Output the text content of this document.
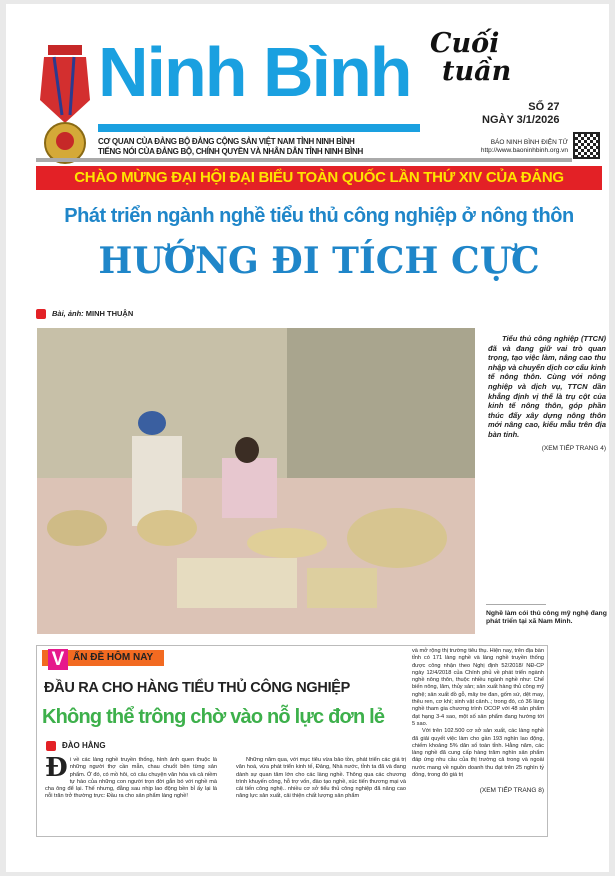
Ninh Bình
CƠ QUAN CỦA ĐẢNG BỘ ĐẢNG CỘNG SẢN VIỆT NAM TỈNH NINH BÌNH
TIẾNG NÓI CỦA ĐẢNG BỘ, CHÍNH QUYỀN VÀ NHÂN DÂN TỈNH NINH BÌNH
Cuối
tuần
SỐ 27
NGÀY 3/1/2026
BÁO NINH BÌNH ĐIỆN TỬ
http://www.baoninhbinh.org.vn
CHÀO MỪNG ĐẠI HỘI ĐẠI BIỂU TOÀN QUỐC LẦN THỨ XIV CỦA ĐẢNG
Phát triển ngành nghề tiểu thủ công nghiệp ở nông thôn
HƯỚNG ĐI TÍCH CỰC
Bài, ảnh: MINH THUẬN
Tiểu thủ công nghiệp (TTCN) đã và đang giữ vai trò quan trọng, tạo việc làm, nâng cao thu nhập và chuyển dịch cơ cấu kinh tế nông thôn. Cùng với nông nghiệp và dịch vụ, TTCN dần khẳng định vị thế là trụ cột của kinh tế nông thôn, góp phần thúc đẩy xây dựng nông thôn mới nâng cao, kiểu mẫu trên địa bàn tỉnh.
(XEM TIẾP TRANG 4)
Nghề làm cói thủ công mỹ nghệ đang phát triển tại xã Nam Minh.
V ẤN ĐỀ HÔM NAY
ĐẦU RA CHO HÀNG TIỂU THỦ CÔNG NGHIỆP
Không thể trông chờ vào nỗ lực đơn lẻ
ĐÀO HẰNG
Đi về các làng nghề truyền thống, hình ảnh quen thuộc là những người thợ cần mẫn, chau chuốt bên từng sản phẩm. Ở đó, có mồ hôi, có câu chuyện văn hóa và cả niềm tự hào của những con người trọn đời gắn bó với nghề mà cha ông để lại. Thế nhưng, đằng sau nhịp lao động bền bỉ ấy lại là nỗi trăn trở thường trực: Đầu ra cho sản phẩm làng nghề!
Những năm qua, với mục tiêu vừa bảo tồn, phát triển các giá trị văn hoá, vừa phát triển kinh tế, Đảng, Nhà nước, tỉnh ta đã và đang dành sự quan tâm lớn cho các làng nghề. Thông qua các chương trình khuyến công, hỗ trợ vốn, đào tạo nghề, xúc tiến thương mại và cải tiến công nghệ.. nhiều cơ sở tiểu thủ công nghiệp đã nâng cao năng lực sản xuất, cải thiện chất lượng sản phẩm

và mở rộng thị trường tiêu thụ. Hiện nay, trên địa bàn tỉnh có 171 làng nghề và làng nghề truyền thống được công nhận theo Nghị định 52/2018/ NĐ-CP ngày 12/4/2018 của Chính phủ về phát triển ngành nghề nông thôn, thuộc nhiều ngành nghề như: Chế biến nông, lâm, thủy sản; sản xuất hàng thủ công mỹ nghệ; sản xuất đồ gỗ, mây tre đan, gốm sứ, dệt may, thêu ren, cơ khí; sinh vật cảnh..; trong đó, có 36 làng nghề tham gia chương trình OCOP với 48 sản phẩm đạt hạng 3-4 sao, một số sản phẩm đang hướng tới 5 sao.

Với trên 102.500 cơ sở sản xuất, các làng nghề đã giải quyết việc làm cho gần 193 nghìn lao động, chiếm khoảng 5% dân số toàn tỉnh. Hằng năm, các làng nghề đã cung cấp hàng trăm nghìn sản phẩm đáp ứng nhu cầu của thị trường cả trong và ngoài nước mang về nguồn doanh thu đạt trên 25 nghìn tỷ đồng, trong đó giá trị

(XEM TIẾP TRANG 8)
